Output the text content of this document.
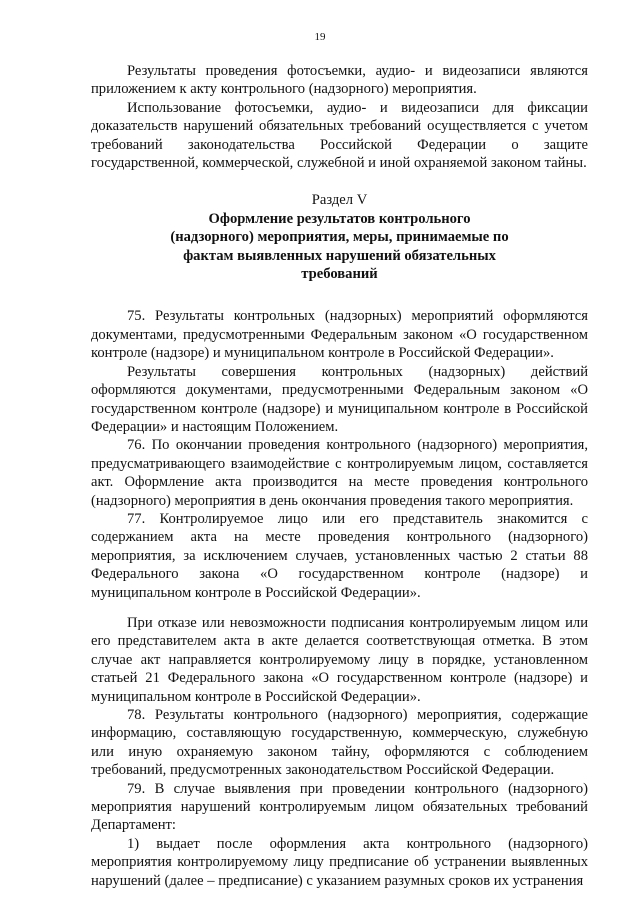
19

Результаты проведения фотосъемки, аудио- и видеозаписи являются приложением к акту контрольного (надзорного) мероприятия.

Использование фотосъемки, аудио- и видеозаписи для фиксации доказательств нарушений обязательных требований осуществляется с учетом требований законодательства Российской Федерации о защите государственной, коммерческой, служебной и иной охраняемой законом тайны.

Раздел V

Оформление результатов контрольного (надзорного) мероприятия, меры, принимаемые по фактам выявленных нарушений обязательных требований

75. Результаты контрольных (надзорных) мероприятий оформляются документами, предусмотренными Федеральным законом «О государственном контроле (надзоре) и муниципальном контроле в Российской Федерации».

Результаты совершения контрольных (надзорных) действий оформляются документами, предусмотренными Федеральным законом «О государственном контроле (надзоре) и муниципальном контроле в Российской Федерации» и настоящим Положением.

76. По окончании проведения контрольного (надзорного) мероприятия, предусматривающего взаимодействие с контролируемым лицом, составляется акт. Оформление акта производится на месте проведения контрольного (надзорного) мероприятия в день окончания проведения такого мероприятия.

77. Контролируемое лицо или его представитель знакомится с содержанием акта на месте проведения контрольного (надзорного) мероприятия, за исключением случаев, установленных частью 2 статьи 88 Федерального закона «О государственном контроле (надзоре) и муниципальном контроле в Российской Федерации».

При отказе или невозможности подписания контролируемым лицом или его представителем акта в акте делается соответствующая отметка. В этом случае акт направляется контролируемому лицу в порядке, установленном статьей 21 Федерального закона «О государственном контроле (надзоре) и муниципальном контроле в Российской Федерации».

78. Результаты контрольного (надзорного) мероприятия, содержащие информацию, составляющую государственную, коммерческую, служебную или иную охраняемую законом тайну, оформляются с соблюдением требований, предусмотренных законодательством Российской Федерации.

79. В случае выявления при проведении контрольного (надзорного) мероприятия нарушений контролируемым лицом обязательных требований Департамент:

1) выдает после оформления акта контрольного (надзорного) мероприятия контролируемому лицу предписание об устранении выявленных нарушений (далее – предписание) с указанием разумных сроков их устранения
